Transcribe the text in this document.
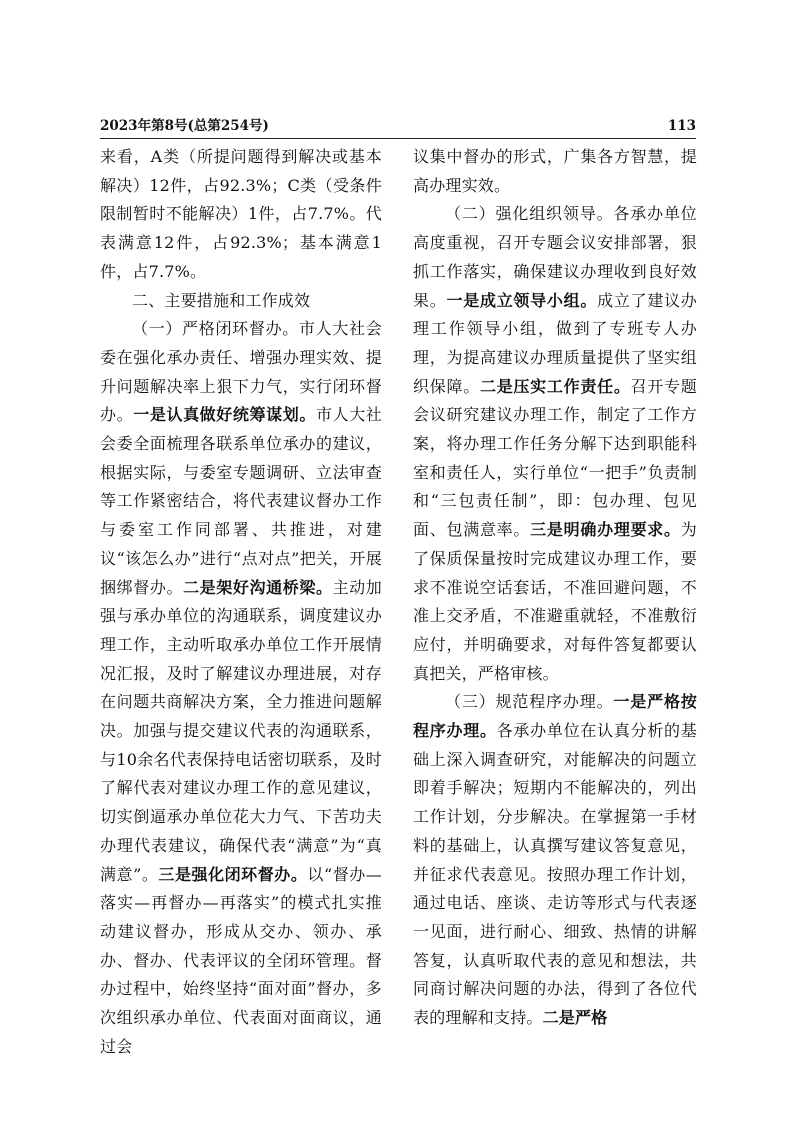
2023年第8号(总第254号)	113

来看，A类（所提问题得到解决或基本解决）12件，占92.3%；C类（受条件限制暂时不能解决）1件，占7.7%。代表满意12件，占92.3%；基本满意1件，占7.7%。

二、主要措施和工作成效

（一）严格闭环督办。市人大社会委在强化承办责任、增强办理实效、提升问题解决率上狠下力气，实行闭环督办。一是认真做好统筹谋划。市人大社会委全面梳理各联系单位承办的建议，根据实际，与委室专题调研、立法审查等工作紧密结合，将代表建议督办工作与委室工作同部署、共推进，对建议“该怎么办”进行“点对点”把关，开展捆绑督办。二是架好沟通桥梁。主动加强与承办单位的沟通联系，调度建议办理工作，主动听取承办单位工作开展情况汇报，及时了解建议办理进展，对存在问题共商解决方案，全力推进问题解决。加强与提交建议代表的沟通联系，与10余名代表保持电话密切联系，及时了解代表对建议办理工作的意见建议，切实倒逼承办单位花大力气、下苦功夫办理代表建议，确保代表“满意”为“真满意”。三是强化闭环督办。以“督办—落实—再督办—再落实”的模式扎实推动建议督办，形成从交办、领办、承办、督办、代表评议的全闭环管理。督办过程中，始终坚持“面对面”督办，多次组织承办单位、代表面对面商议，通过会

议集中督办的形式，广集各方智慧，提高办理实效。

（二）强化组织领导。各承办单位高度重视，召开专题会议安排部署，狠抓工作落实，确保建议办理收到良好效果。一是成立领导小组。成立了建议办理工作领导小组，做到了专班专人办理，为提高建议办理质量提供了坚实组织保障。二是压实工作责任。召开专题会议研究建议办理工作，制定了工作方案，将办理工作任务分解下达到职能科室和责任人，实行单位“一把手”负责制和“三包责任制”，即：包办理、包见面、包满意率。三是明确办理要求。为了保质保量按时完成建议办理工作，要求不准说空话套话，不准回避问题，不准上交矛盾，不准避重就轻，不准敷衍应付，并明确要求，对每件答复都要认真把关，严格审核。

（三）规范程序办理。一是严格按程序办理。各承办单位在认真分析的基础上深入调查研究，对能解决的问题立即着手解决；短期内不能解决的，列出工作计划，分步解决。在掌握第一手材料的基础上，认真撰写建议答复意见，并征求代表意见。按照办理工作计划，通过电话、座谈、走访等形式与代表逐一见面，进行耐心、细致、热情的讲解答复，认真听取代表的意见和想法，共同商讨解决问题的办法，得到了各位代表的理解和支持。二是严格
